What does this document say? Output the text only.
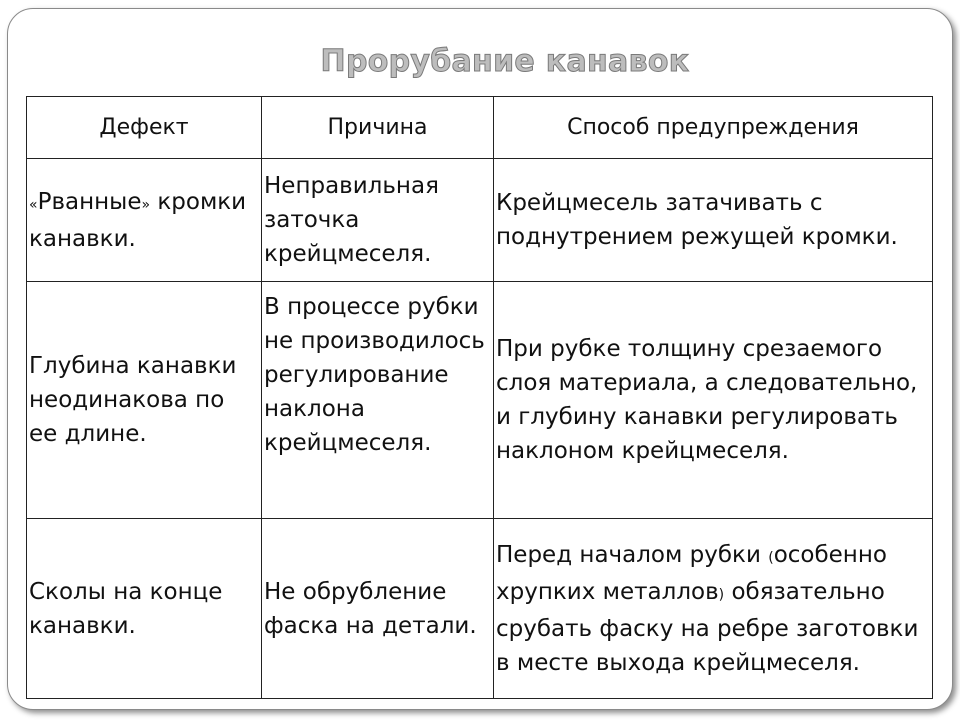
Прорубание канавок
Дефект	Причина	Способ предупреждения
«Рванные» кромки канавки.	Неправильная заточка крейцмеселя.	Крейцмесель затачивать с поднутрением режущей кромки.
Глубина канавки неодинакова по ее длине.	В процессе рубки не производилось регулирование наклона крейцмеселя.	При рубке толщину срезаемого слоя материала, а следовательно, и глубину канавки регулировать наклоном крейцмеселя.
Сколы на конце канавки.	Не обрубление фаска на детали.	Перед началом рубки (особенно хрупких металлов) обязательно срубать фаску на ребре заготовки в месте выхода крейцмеселя.
